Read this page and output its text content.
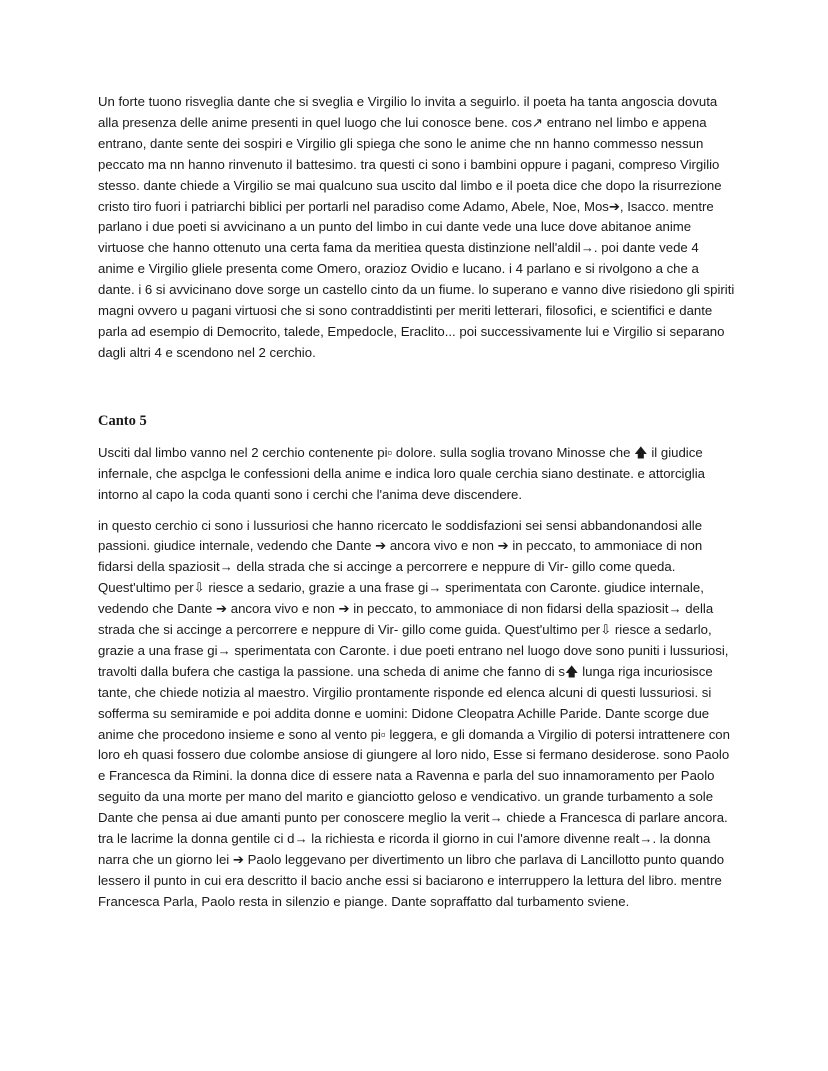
Un forte tuono risveglia dante che si sveglia e Virgilio lo invita a seguirlo. il poeta ha tanta angoscia dovuta alla presenza delle anime presenti in quel luogo che lui conosce bene. cos↗ entrano nel limbo e appena entrano, dante sente dei sospiri e Virgilio gli spiega che sono le anime che nn hanno commesso nessun peccato ma nn hanno rinvenuto il battesimo. tra questi ci sono i bambini oppure i pagani, compreso Virgilio stesso. dante chiede a Virgilio se mai qualcuno sua uscito dal limbo e il poeta dice che dopo la risurrezione cristo tiro fuori i patriarchi biblici per portarli nel paradiso come Adamo, Abele, Noe, Mos➔, Isacco. mentre parlano i due poeti si avvicinano a un punto del limbo in cui dante vede una luce dove abitanoe anime virtuose che hanno ottenuto una certa fama da meritiea questa distinzione nell'aldil→. poi dante vede 4 anime e Virgilio gliele presenta come Omero, orazioz Ovidio e lucano. i 4 parlano e si rivolgono a che a dante. i 6 si avvicinano dove sorge un castello cinto da un fiume. lo superano e vanno dive risiedono gli spiriti magni ovvero u pagani virtuosi che si sono contraddistinti per meriti letterari, filosofici, e scientifici e dante parla ad esempio di Democrito, talede, Empedocle, Eraclito... poi successivamente lui e Virgilio si separano dagli altri 4 e scendono nel 2 cerchio.

Canto 5

Usciti dal limbo vanno nel 2 cerchio contenente pi▫ dolore. sulla soglia trovano Minosse che 🡅 il giudice infernale, che aspclga le confessioni della anime e indica loro quale cerchia siano destinate. e attorciglia intorno al capo la coda quanti sono i cerchi che l'anima deve discendere.

in questo cerchio ci sono i lussuriosi che hanno ricercato le soddisfazioni sei sensi abbandonandosi alle passioni. giudice internale, vedendo che Dante ➔ ancora vivo e non ➔ in peccato, to ammoniace di non fidarsi della spaziosit→ della strada che si accinge a percorrere e neppure di Vir- gillo come queda. Quest'ultimo per⇩ riesce a sedario, grazie a una frase gi→ sperimentata con Caronte. giudice internale, vedendo che Dante ➔ ancora vivo e non ➔ in peccato, to ammoniace di non fidarsi della spaziosit→ della strada che si accinge a percorrere e neppure di Vir- gillo come guida. Quest'ultimo per⇩ riesce a sedarlo, grazie a una frase gi→ sperimentata con Caronte. i due poeti entrano nel luogo dove sono puniti i lussuriosi, travolti dalla bufera che castiga la passione. una scheda di anime che fanno di s🡅 lunga riga incuriosisce tante, che chiede notizia al maestro. Virgilio prontamente risponde ed elenca alcuni di questi lussuriosi. si sofferma su semiramide e poi addita donne e uomini: Didone Cleopatra Achille Paride. Dante scorge due anime che procedono insieme e sono al vento pi▫ leggera, e gli domanda a Virgilio di potersi intrattenere con loro eh quasi fossero due colombe ansiose di giungere al loro nido, Esse si fermano desiderose. sono Paolo e Francesca da Rimini. la donna dice di essere nata a Ravenna e parla del suo innamoramento per Paolo seguito da una morte per mano del marito e gianciotto geloso e vendicativo. un grande turbamento a sole Dante che pensa ai due amanti punto per conoscere meglio la verit→ chiede a Francesca di parlare ancora. tra le lacrime la donna gentile ci d→ la richiesta e ricorda il giorno in cui l'amore divenne realt→. la donna narra che un giorno lei ➔ Paolo leggevano per divertimento un libro che parlava di Lancillotto punto quando lessero il punto in cui era descritto il bacio anche essi si baciarono e interruppero la lettura del libro. mentre Francesca Parla, Paolo resta in silenzio e piange. Dante sopraffatto dal turbamento sviene.
